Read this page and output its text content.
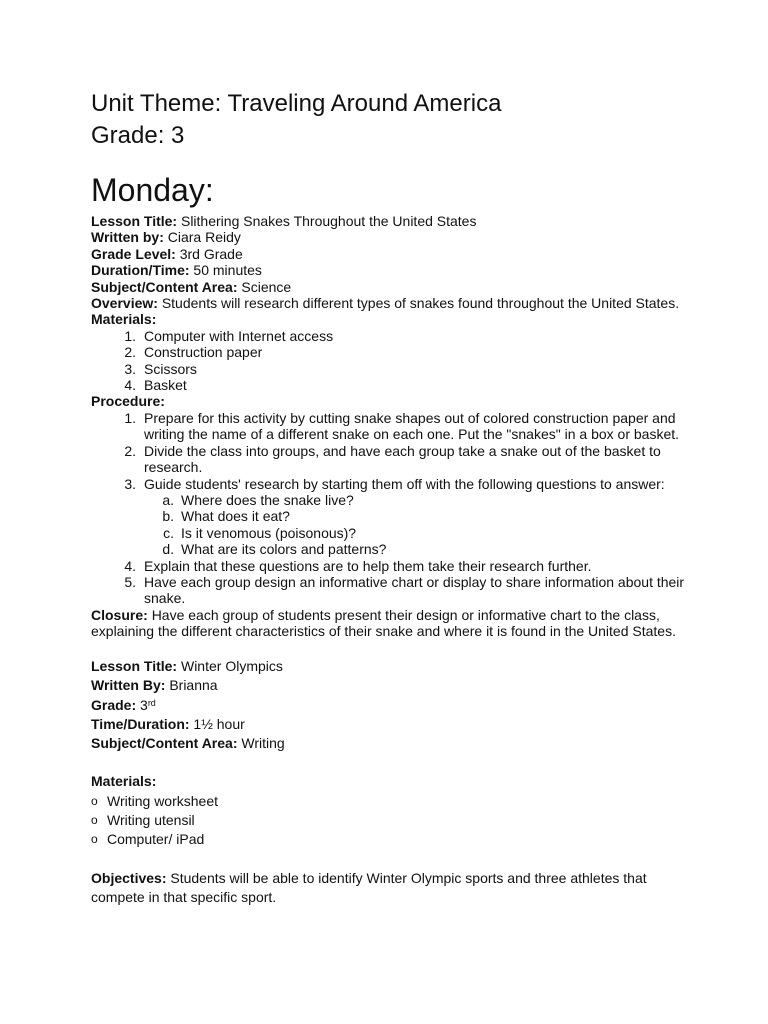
Unit Theme: Traveling Around America
Grade: 3
Monday:

Lesson Title: Slithering Snakes Throughout the United States

Written by: Ciara Reidy

Grade Level: 3rd Grade

Duration/Time: 50 minutes

Subject/Content Area: Science

Overview: Students will research different types of snakes found throughout the United States.

Materials:

1. Computer with Internet access
2. Construction paper
3. Scissors
4. Basket

Procedure:

1. Prepare for this activity by cutting snake shapes out of colored construction paper and writing the name of a different snake on each one. Put the "snakes" in a box or basket.
2. Divide the class into groups, and have each group take a snake out of the basket to research.
3. Guide students' research by starting them off with the following questions to answer:
a. Where does the snake live?
b. What does it eat?
c. Is it venomous (poisonous)?
d. What are its colors and patterns?
4. Explain that these questions are to help them take their research further.
5. Have each group design an informative chart or display to share information about their snake.

Closure: Have each group of students present their design or informative chart to the class, explaining the different characteristics of their snake and where it is found in the United States.

Lesson Title: Winter Olympics

Written By: Brianna

Grade: 3rd

Time/Duration: 1½ hour

Subject/Content Area: Writing

Materials:

o Writing worksheet
o Writing utensil
o Computer/ iPad

Objectives: Students will be able to identify Winter Olympic sports and three athletes that compete in that specific sport.
